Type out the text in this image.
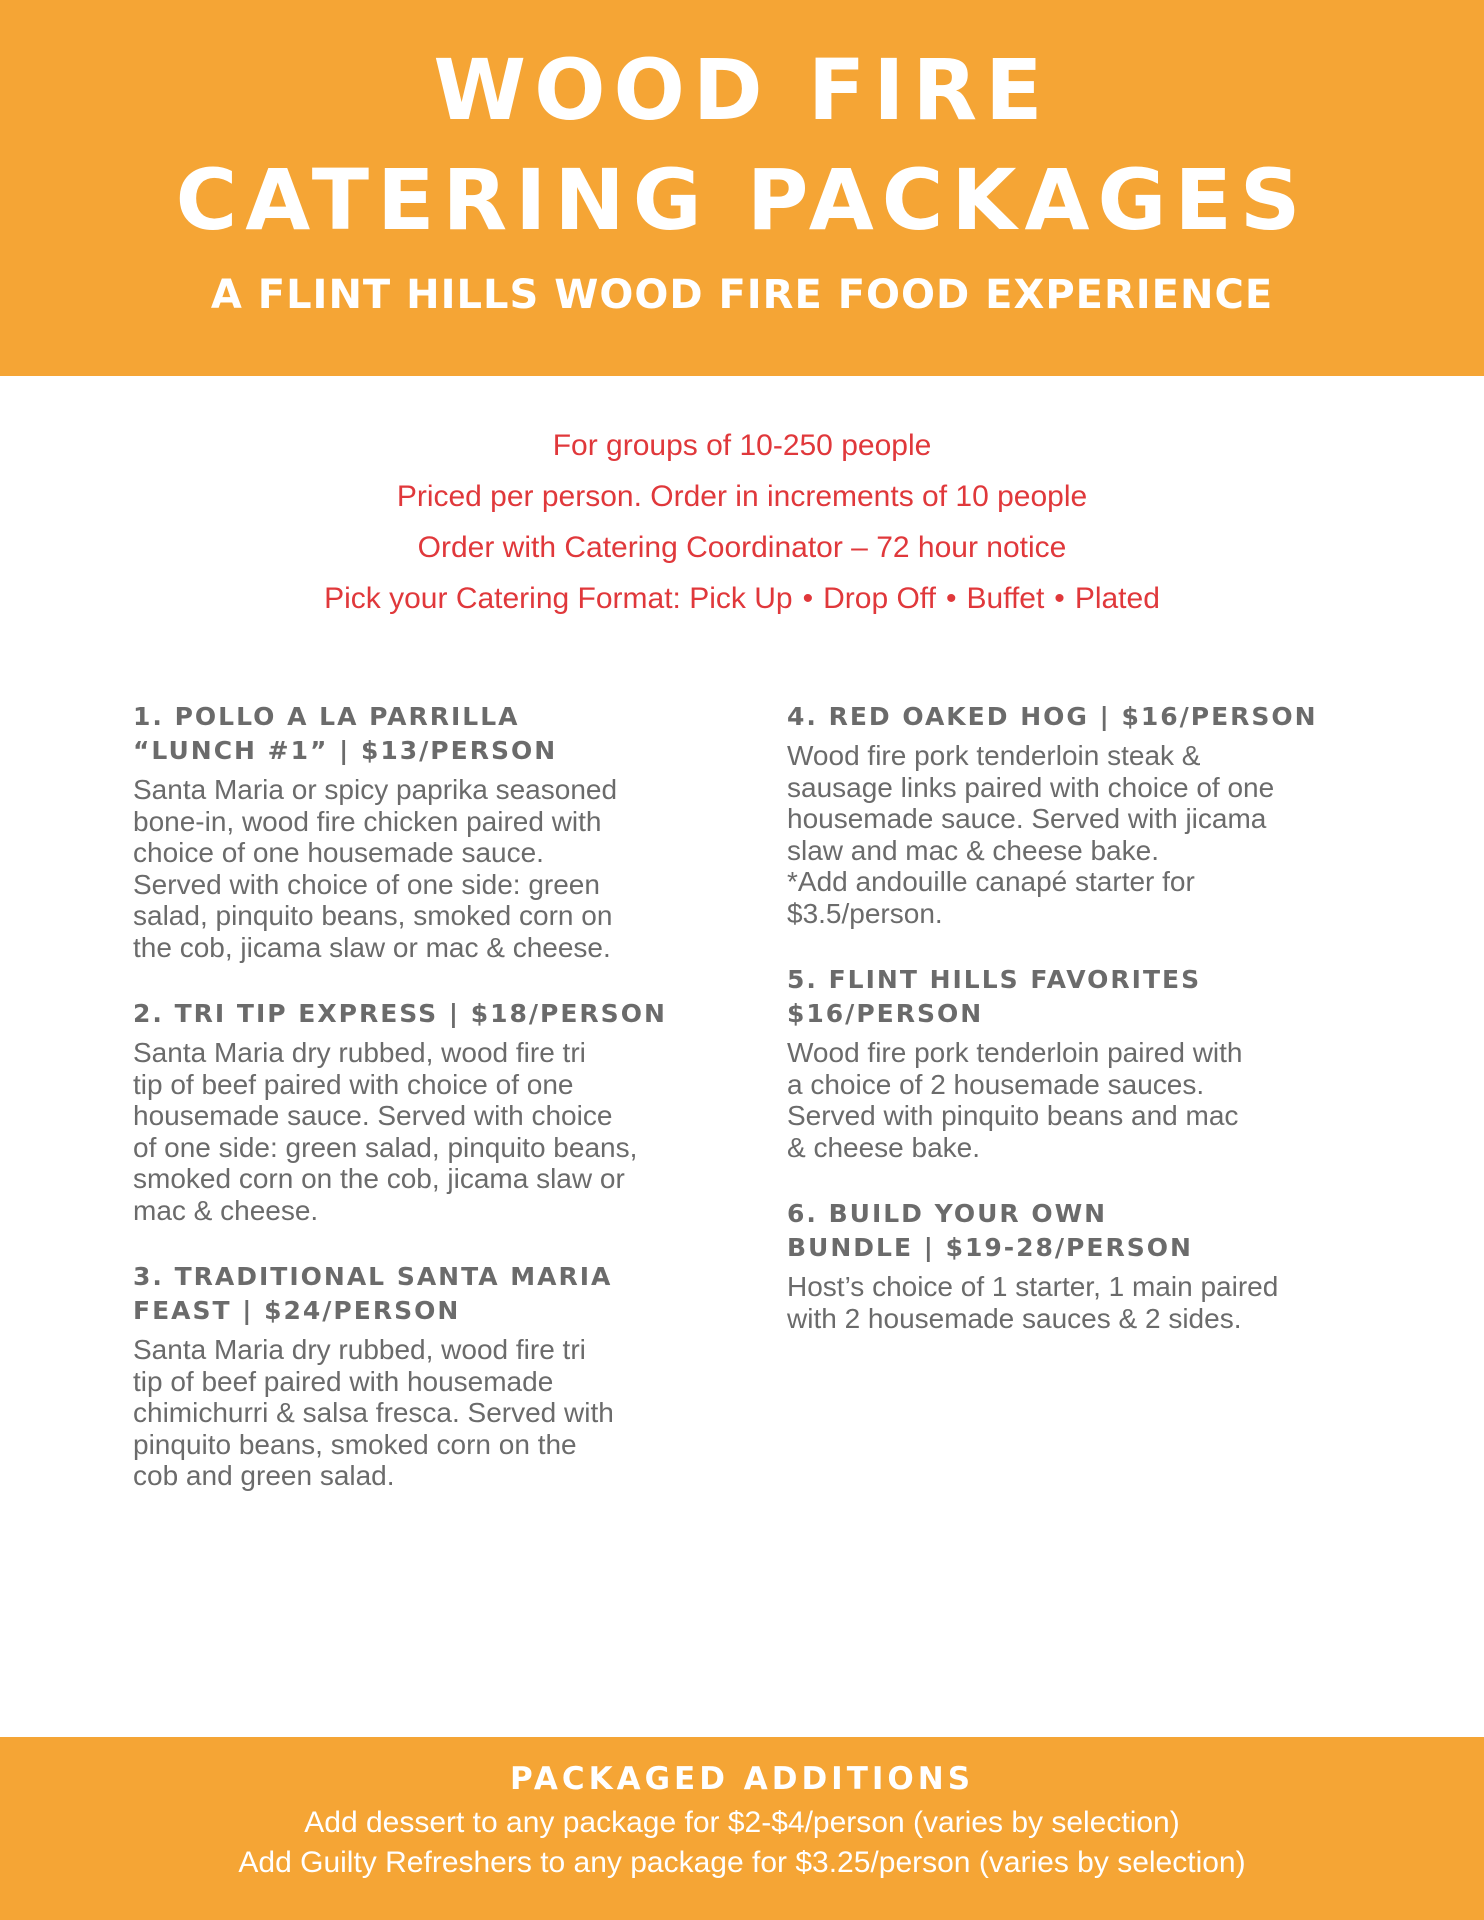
WOOD FIRE
CATERING PACKAGES
A FLINT HILLS WOOD FIRE FOOD EXPERIENCE

For groups of 10-250 people

Priced per person. Order in increments of 10 people

Order with Catering Coordinator – 72 hour notice

Pick your Catering Format: Pick Up • Drop Off • Buffet • Plated

1. POLLO A LA PARRILLA
“LUNCH #1” | $13/PERSON
Santa Maria or spicy paprika seasoned
bone-in, wood fire chicken paired with
choice of one housemade sauce.
Served with choice of one side: green
salad, pinquito beans, smoked corn on
the cob, jicama slaw or mac & cheese.
2. TRI TIP EXPRESS | $18/PERSON
Santa Maria dry rubbed, wood fire tri
tip of beef paired with choice of one
housemade sauce. Served with choice
of one side: green salad, pinquito beans,
smoked corn on the cob, jicama slaw or
mac & cheese.
3. TRADITIONAL SANTA MARIA
FEAST | $24/PERSON
Santa Maria dry rubbed, wood fire tri
tip of beef paired with housemade
chimichurri & salsa fresca. Served with
pinquito beans, smoked corn on the
cob and green salad.
4. RED OAKED HOG | $16/PERSON
Wood fire pork tenderloin steak &
sausage links paired with choice of one
housemade sauce. Served with jicama
slaw and mac & cheese bake.
*Add andouille canapé starter for
$3.5/person.
5. FLINT HILLS FAVORITES
$16/PERSON
Wood fire pork tenderloin paired with
a choice of 2 housemade sauces.
Served with pinquito beans and mac
& cheese bake.
6. BUILD YOUR OWN
BUNDLE | $19-28/PERSON
Host’s choice of 1 starter, 1 main paired
with 2 housemade sauces & 2 sides.
PACKAGED ADDITIONS

Add dessert to any package for $2-$4/person (varies by selection)

Add Guilty Refreshers to any package for $3.25/person (varies by selection)
